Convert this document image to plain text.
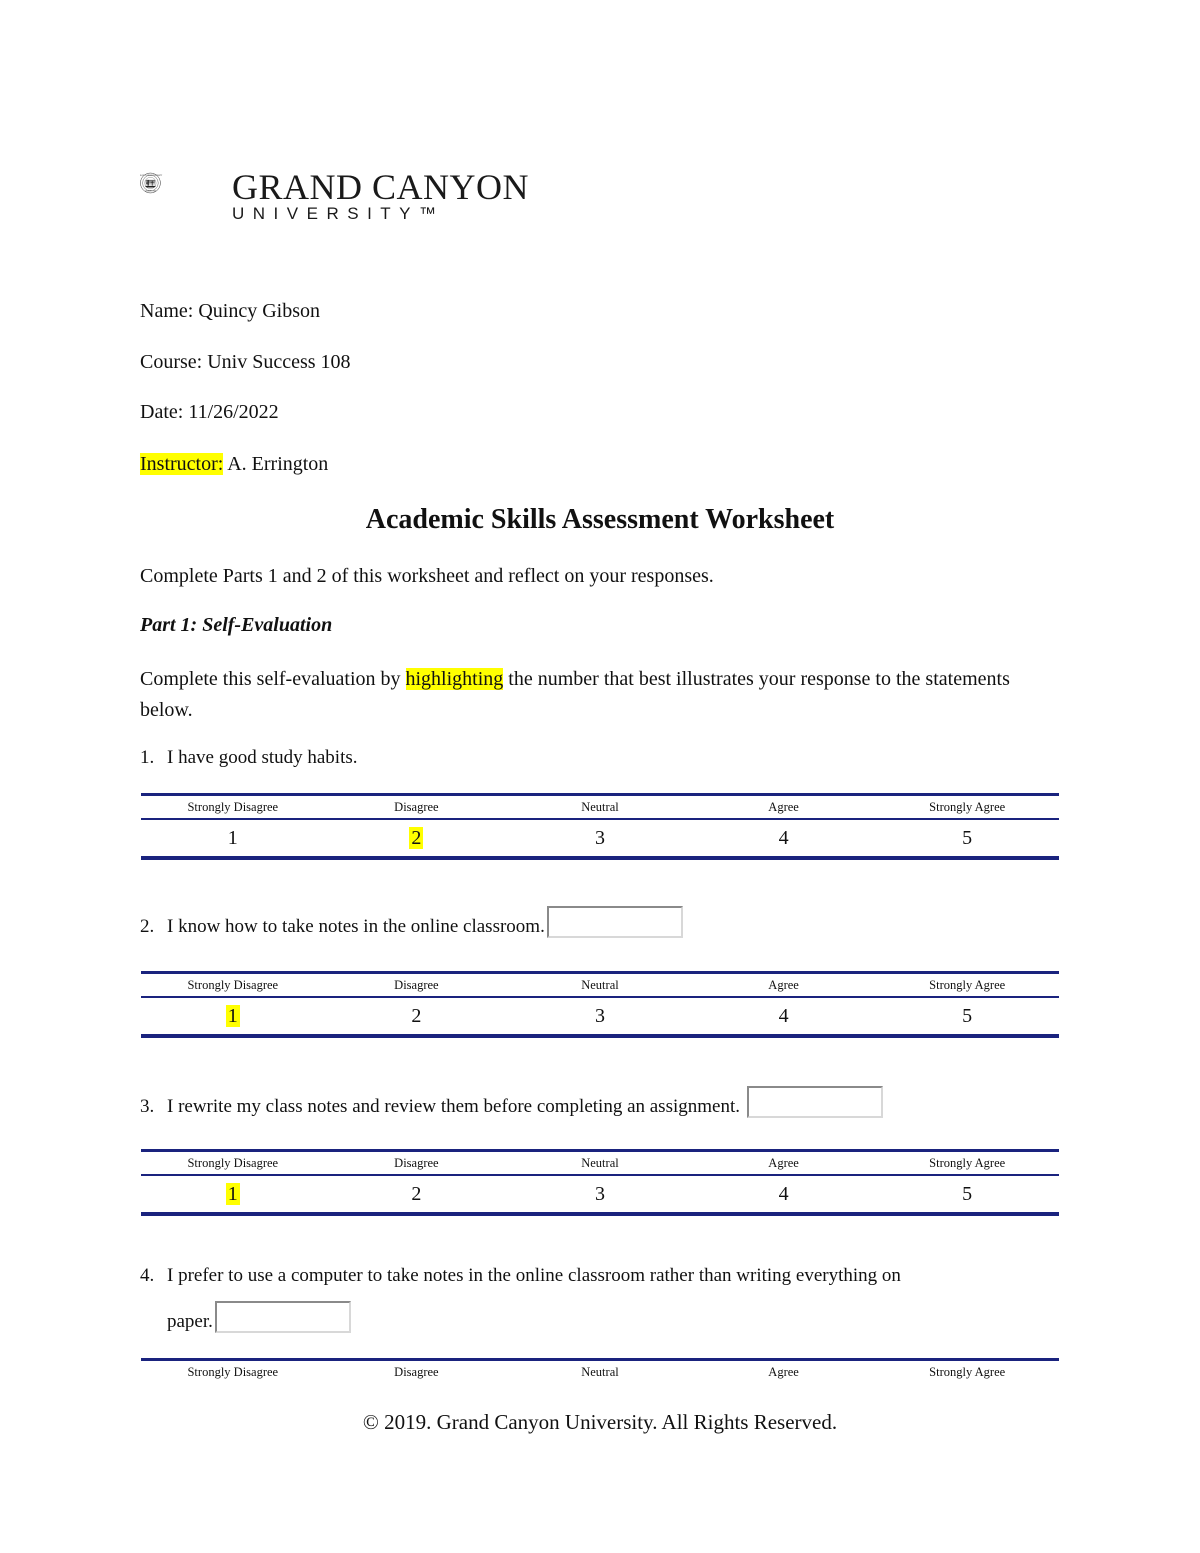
GRAND CANYON UNIVERSITY
ARIZONA 1949 GRAND CANYON
UNIVERSITY™
Name: Quincy Gibson
Course: Univ Success 108
Date: 11/26/2022
Instructor: A. Errington
Academic Skills Assessment Worksheet
Complete Parts 1 and 2 of this worksheet and reflect on your responses.
Part 1: Self-Evaluation
Complete this self-evaluation by highlighting the number that best illustrates your response to the statements below.
1. I have good study habits.
Strongly Disagree	Disagree	Neutral	Agree	Strongly Agree
1	2	3	4	5
2. I know how to take notes in the online classroom.
Strongly Disagree	Disagree	Neutral	Agree	Strongly Agree
1	2	3	4	5
3. I rewrite my class notes and review them before completing an assignment.
Strongly Disagree	Disagree	Neutral	Agree	Strongly Agree
1	2	3	4	5
4. I prefer to use a computer to take notes in the online classroom rather than writing everything on
paper.
Strongly Disagree	Disagree	Neutral	Agree	Strongly Agree
© 2019. Grand Canyon University. All Rights Reserved.
